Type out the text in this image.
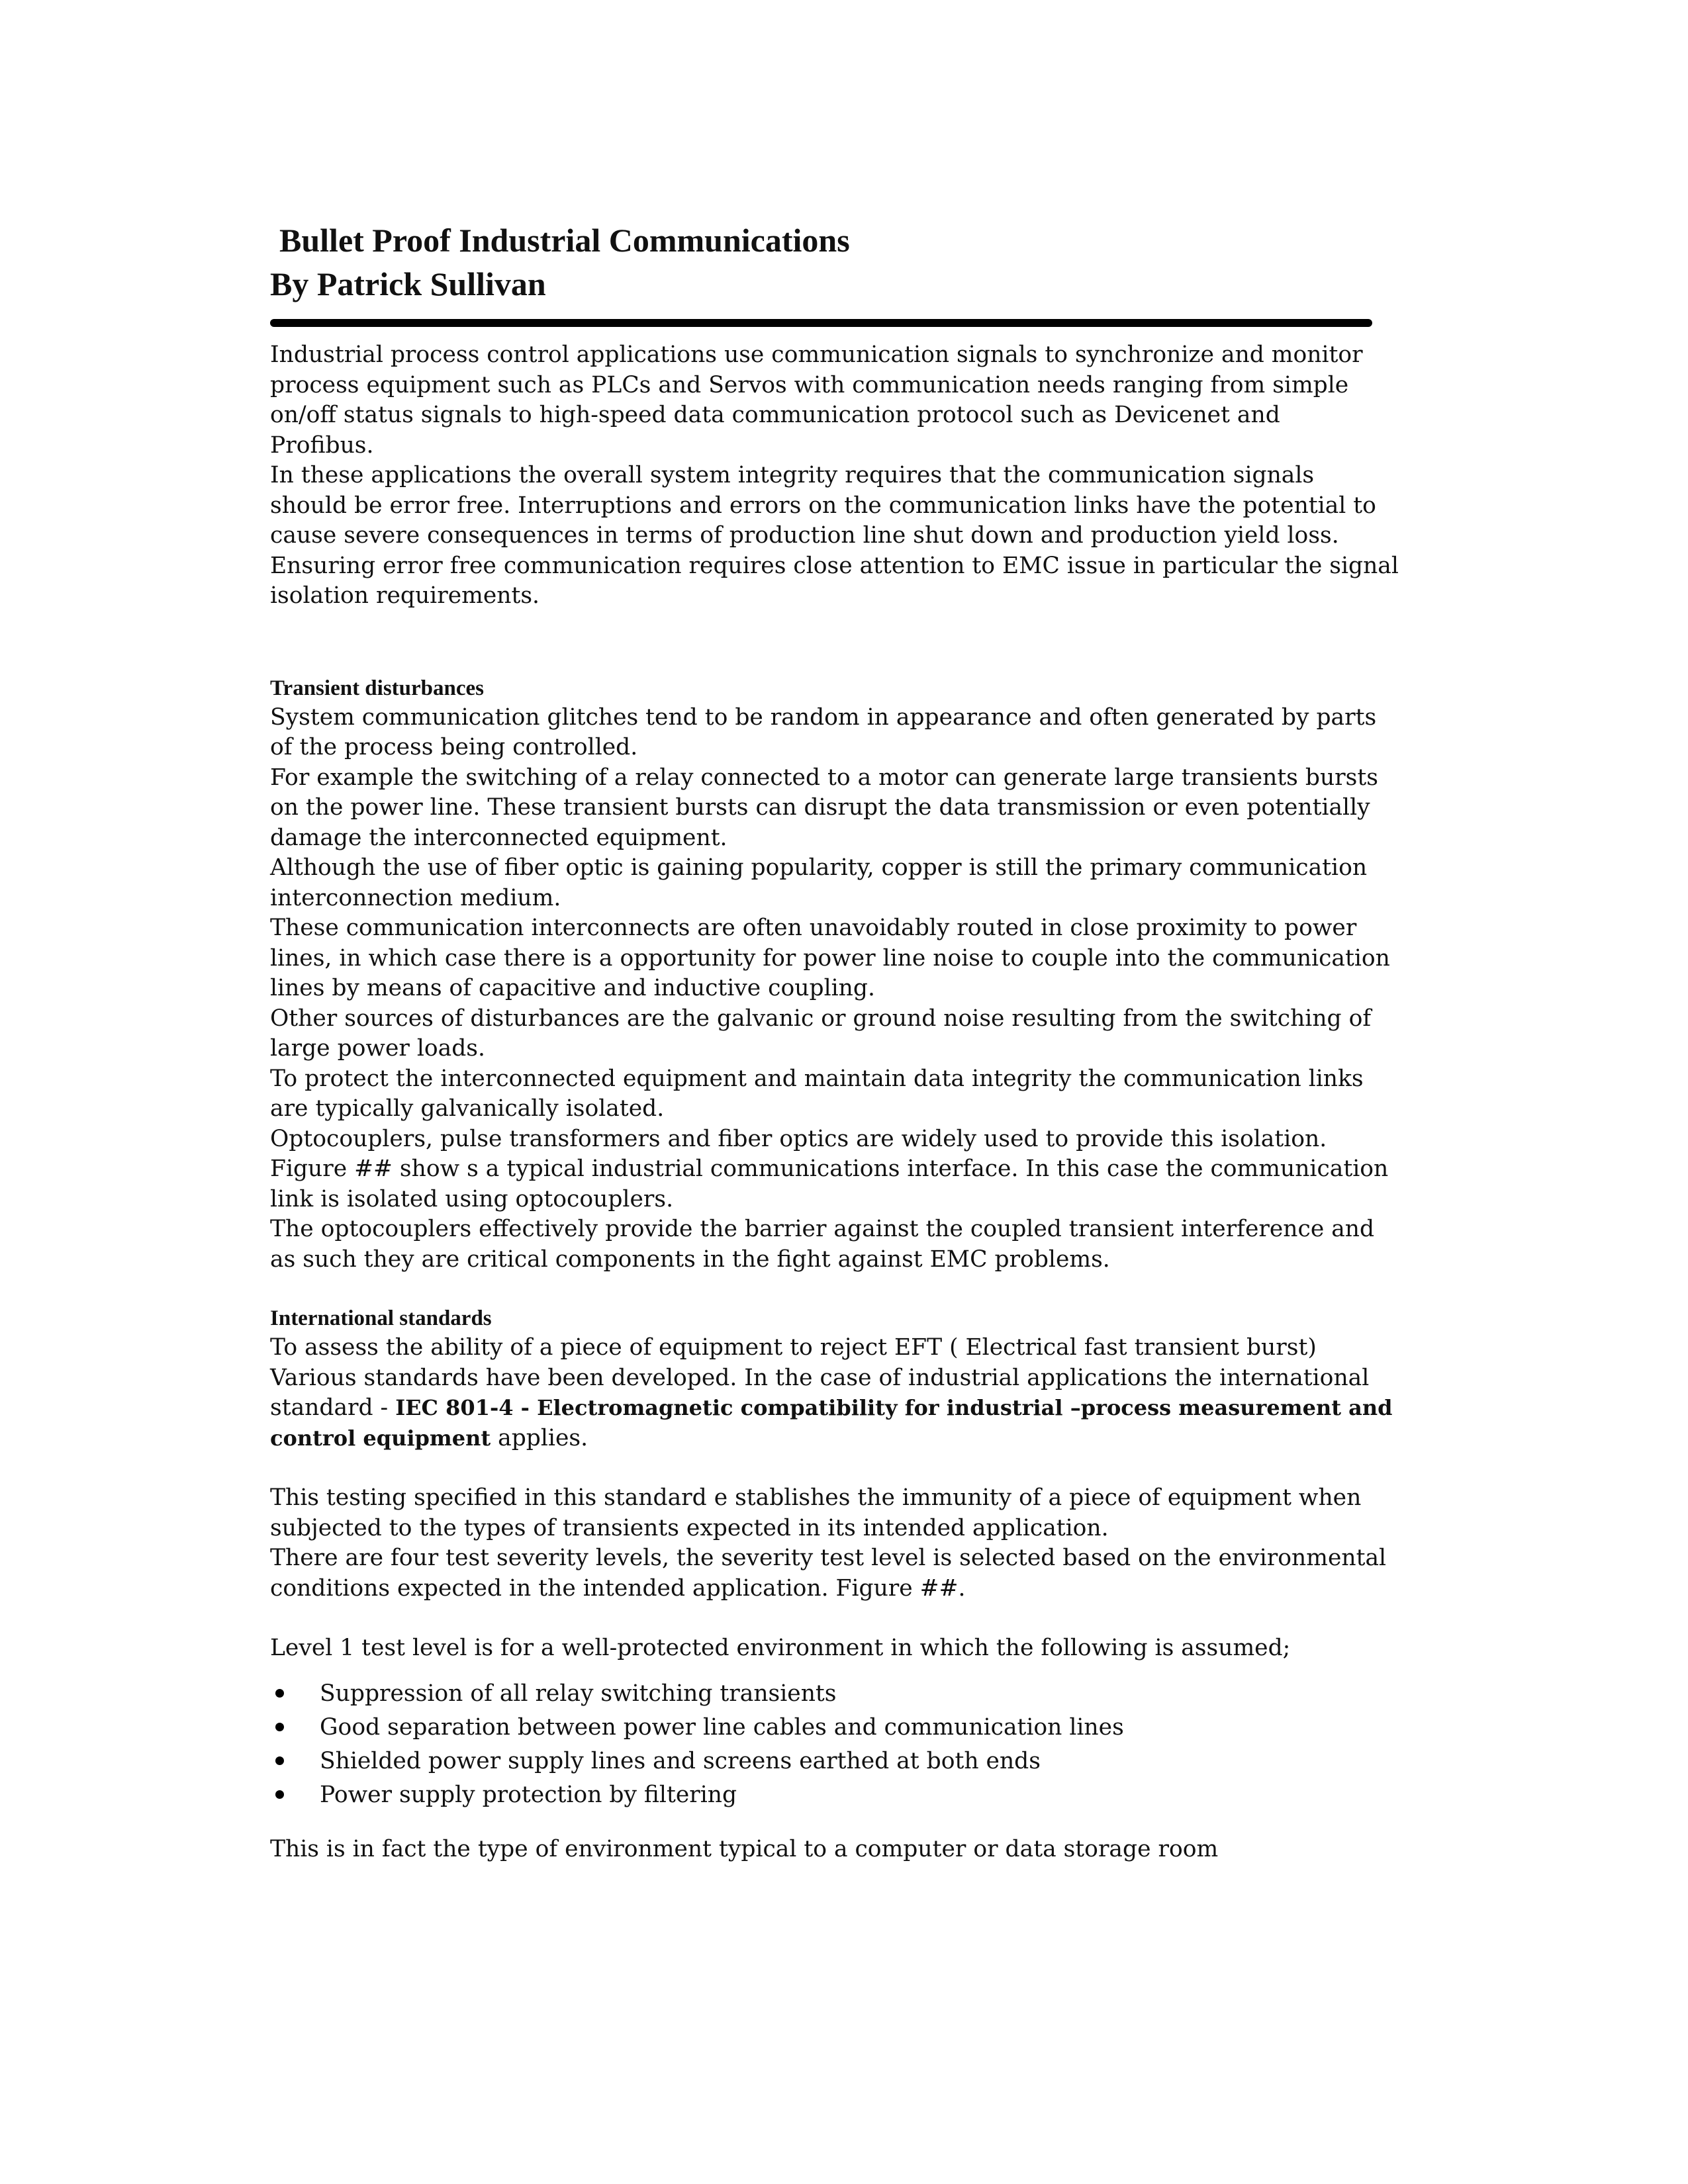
Bullet Proof Industrial Communications
By Patrick Sullivan

Industrial process control applications use communication signals to synchronize and monitor
process equipment such as PLCs and Servos with communication needs ranging from simple
on/off status signals to high-speed data communication protocol such as Devicenet and
Profibus.

In these applications the overall system integrity requires that the communication signals
should be error free. Interruptions and errors on the communication links have the potential to
cause severe consequences in terms of production line shut down and production yield loss.
Ensuring error free communication requires close attention to EMC issue in particular the signal
isolation requirements.

Transient disturbances

System communication glitches tend to be random in appearance and often generated by parts
of the process being controlled.

For example the switching of a relay connected to a motor can generate large transients bursts
on the power line. These transient bursts can disrupt the data transmission or even potentially
damage the interconnected equipment.

Although the use of fiber optic is gaining popularity, copper is still the primary communication
interconnection medium.

These communication interconnects are often unavoidably routed in close proximity to power
lines, in which case there is a opportunity for power line noise to couple into the communication
lines by means of capacitive and inductive coupling.

Other sources of disturbances are the galvanic or ground noise resulting from the switching of
large power loads.

To protect the interconnected equipment and maintain data integrity the communication links
are typically galvanically isolated.

Optocouplers, pulse transformers and fiber optics are widely used to provide this isolation.
Figure ## show s a typical industrial communications interface. In this case the communication
link is isolated using optocouplers.

The optocouplers effectively provide the barrier against the coupled transient interference and
as such they are critical components in the fight against EMC problems.

International standards

To assess the ability of a piece of equipment to reject EFT ( Electrical fast transient burst)
Various standards have been developed. In the case of industrial applications the international
standard - IEC 801-4 - Electromagnetic compatibility for industrial –process measurement and
control equipment applies.

This testing specified in this standard e stablishes the immunity of a piece of equipment when
subjected to the types of transients expected in its intended application.

There are four test severity levels, the severity test level is selected based on the environmental
conditions expected in the intended application. Figure ##.

Level 1 test level is for a well-protected environment in which the following is assumed;

Suppression of all relay switching transients
Good separation between power line cables and communication lines
Shielded power supply lines and screens earthed at both ends
Power supply protection by filtering

This is in fact the type of environment typical to a computer or data storage room
